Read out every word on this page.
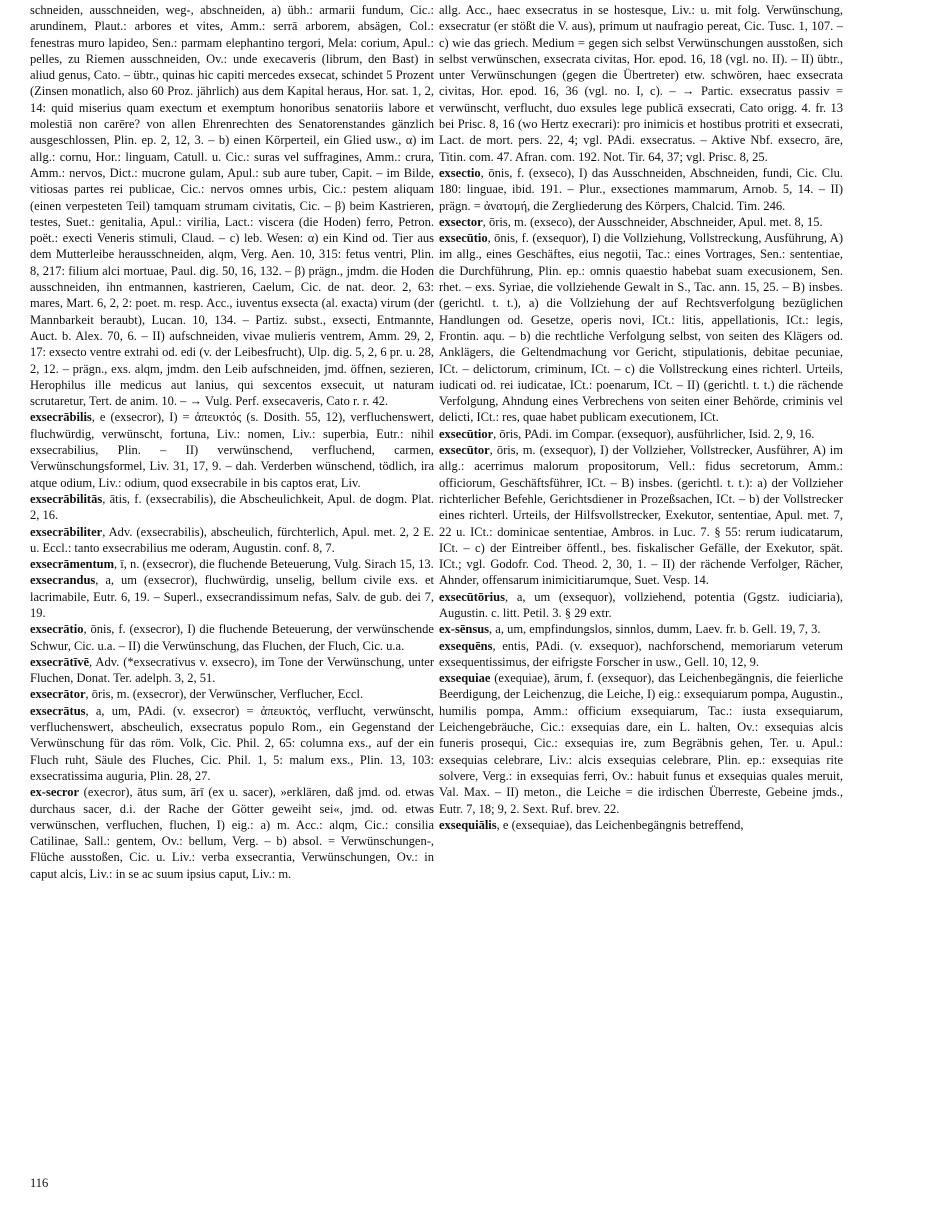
schneiden, ausschneiden, weg-, abschneiden, a) übh.: armarii fundum, Cic.: arundinem, Plaut.: arbores et vites, Amm.: serrā arborem, absägen, Col.: fenestras muro lapideo, Sen.: parmam elephantino tergori, Mela: corium, Apul.: pelles, zu Riemen ausschneiden, Ov.: unde execaveris (librum, den Bast) in aliud genus, Cato. – übtr., quinas hic capiti mercedes exsecat, schindet 5 Prozent (Zinsen monatlich, also 60 Proz. jährlich) aus dem Kapital heraus, Hor. sat. 1, 2, 14: quid miserius quam exectum et exemptum honoribus senatoriis labore et molestiā non carēre? von allen Ehrenrechten des Senatorenstandes gänzlich ausgeschlossen, Plin. ep. 2, 12, 3. – b) einen Körperteil, ein Glied usw., α) im allg.: cornu, Hor.: linguam, Catull. u. Cic.: suras vel suffragines, Amm.: crura, Amm.: nervos, Dict.: mucrone gulam, Apul.: sub aure tuber, Capit. – im Bilde, vitiosas partes rei publicae, Cic.: nervos omnes urbis, Cic.: pestem aliquam (einen verpesteten Teil) tamquam strumam civitatis, Cic. – β) beim Kastrieren, testes, Suet.: genitalia, Apul.: virilia, Lact.: viscera (die Hoden) ferro, Petron. poët.: execti Veneris stimuli, Claud. – c) leb. Wesen: α) ein Kind od. Tier aus dem Mutterleibe herausschneiden, alqm, Verg. Aen. 10, 315: fetus ventri, Plin. 8, 217: filium alci mortuae, Paul. dig. 50, 16, 132. – β) prägn., jmdm. die Hoden ausschneiden, ihn entmannen, kastrieren, Caelum, Cic. de nat. deor. 2, 63: mares, Mart. 6, 2, 2: poet. m. resp. Acc., iuventus exsecta (al. exacta) virum (der Mannbarkeit beraubt), Lucan. 10, 134. – Partiz. subst., exsecti, Entmannte, Auct. b. Alex. 70, 6. – II) aufschneiden, vivae mulieris ventrem, Amm. 29, 2, 17: exsecto ventre extrahi od. edi (v. der Leibesfrucht), Ulp. dig. 5, 2, 6 pr. u. 28, 2, 12. – prägn., exs. alqm, jmdm. den Leib aufschneiden, jmd. öffnen, sezieren, Herophilus ille medicus aut lanius, qui sexcentos exsecuit, ut naturam scrutaretur, Tert. de anim. 10. – → Vulg. Perf. exsecaveris, Cato r. r. 42.

exsecrābilis, e (exsecror), I) = ἀπευκτός (s. Dosith. 55, 12), verfluchenswert, fluchwürdig, verwünscht, fortuna, Liv.: nomen, Liv.: superbia, Eutr.: nihil exsecrabilius, Plin. – II) verwünschend, verfluchend, carmen, Verwünschungsformel, Liv. 31, 17, 9. – dah. Verderben wünschend, tödlich, ira atque odium, Liv.: odium, quod exsecrabile in bis captos erat, Liv.

exsecrābilitās, ātis, f. (exsecrabilis), die Abscheulichkeit, Apul. de dogm. Plat. 2, 16.

exsecrābiliter, Adv. (exsecrabilis), abscheulich, fürchterlich, Apul. met. 2, 2 E. u. Eccl.: tanto exsecrabilius me oderam, Augustin. conf. 8, 7.

exsecrāmentum, ī, n. (exsecror), die fluchende Beteuerung, Vulg. Sirach 15, 13.

exsecrandus, a, um (exsecror), fluchwürdig, unselig, bellum civile exs. et lacrimabile, Eutr. 6, 19. – Superl., exsecrandissimum nefas, Salv. de gub. dei 7, 19.

exsecrātio, ōnis, f. (exsecror), I) die fluchende Beteuerung, der verwünschende Schwur, Cic. u.a. – II) die Verwünschung, das Fluchen, der Fluch, Cic. u.a.

exsecrātīvē, Adv. (*exsecrativus v. exsecro), im Tone der Verwünschung, unter Fluchen, Donat. Ter. adelph. 3, 2, 51.

exsecrātor, ōris, m. (exsecror), der Verwünscher, Verflucher, Eccl.

exsecrātus, a, um, PAdi. (v. exsecror) = ἀπευκτός, verflucht, verwünscht, verfluchenswert, abscheulich, exsecratus populo Rom., ein Gegenstand der Verwünschung für das röm. Volk, Cic. Phil. 2, 65: columna exs., auf der ein Fluch ruht, Säule des Fluches, Cic. Phil. 1, 5: malum exs., Plin. 13, 103: exsecratissima auguria, Plin. 28, 27.

ex-secror (execror), ātus sum, ārī (ex u. sacer), »erklären, daß jmd. od. etwas durchaus sacer, d.i. der Rache der Götter geweiht sei«, jmd. od. etwas verwünschen, verfluchen, fluchen, I) eig.: a) m. Acc.: alqm, Cic.: consilia Catilinae, Sall.: gentem, Ov.: bellum, Verg. – b) absol. = Verwünschungen-, Flüche ausstoßen, Cic. u. Liv.: verba exsecrantia, Verwünschungen, Ov.: in caput alcis, Liv.: in se ac suum ipsius caput, Liv.: m.

allg. Acc., haec exsecratus in se hostesque, Liv.: u. mit folg. Verwünschung, exsecratur (er stößt die V. aus), primum ut naufragio pereat, Cic. Tusc. 1, 107. – c) wie das griech. Medium = gegen sich selbst Verwünschungen ausstoßen, sich selbst verwünschen, exsecrata civitas, Hor. epod. 16, 18 (vgl. no. II). – II) übtr., unter Verwünschungen (gegen die Übertreter) etw. schwören, haec exsecrata civitas, Hor. epod. 16, 36 (vgl. no. I, c). – → Partic. exsecratus passiv = verwünscht, verflucht, duo exsules lege publicā exsecrati, Cato origg. 4. fr. 13 bei Prisc. 8, 16 (wo Hertz execrari): pro inimicis et hostibus protriti et exsecrati, Lact. de mort. pers. 22, 4; vgl. PAdi. exsecratus. – Aktive Nbf. exsecro, āre, Titin. com. 47. Afran. com. 192. Not. Tir. 64, 37; vgl. Prisc. 8, 25.

exsectio, ōnis, f. (exseco), I) das Ausschneiden, Abschneiden, fundi, Cic. Clu. 180: linguae, ibid. 191. – Plur., exsectiones mammarum, Arnob. 5, 14. – II) prägn. = ἀνατομή, die Zergliederung des Körpers, Chalcid. Tim. 246.

exsector, ōris, m. (exseco), der Ausschneider, Abschneider, Apul. met. 8, 15.

exsecūtio, ōnis, f. (exsequor), I) die Vollziehung, Vollstreckung, Ausführung, A) im allg., eines Geschäftes, eius negotii, Tac.: eines Vortrages, Sen.: sententiae, die Durchführung, Plin. ep.: omnis quaestio habebat suam execusionem, Sen. rhet. – exs. Syriae, die vollziehende Gewalt in S., Tac. ann. 15, 25. – B) insbes. (gerichtl. t. t.), a) die Vollziehung der auf Rechtsverfolgung bezüglichen Handlungen od. Gesetze, operis novi, ICt.: litis, appellationis, ICt.: legis, Frontin. aqu. – b) die rechtliche Verfolgung selbst, von seiten des Klägers od. Anklägers, die Geltendmachung vor Gericht, stipulationis, debitae pecuniae, ICt. – delictorum, criminum, ICt. – c) die Vollstreckung eines richterl. Urteils, iudicati od. rei iudicatae, ICt.: poenarum, ICt. – II) (gerichtl. t. t.) die rächende Verfolgung, Ahndung eines Verbrechens von seiten einer Behörde, criminis vel delicti, ICt.: res, quae habet publicam executionem, ICt.

exsecūtior, ōris, PAdi. im Compar. (exsequor), ausführlicher, Isid. 2, 9, 16.

exsecūtor, ōris, m. (exsequor), I) der Vollzieher, Vollstrecker, Ausführer, A) im allg.: acerrimus malorum propositorum, Vell.: fidus secretorum, Amm.: officiorum, Geschäftsführer, ICt. – B) insbes. (gerichtl. t. t.): a) der Vollzieher richterlicher Befehle, Gerichtsdiener in Prozeßsachen, ICt. – b) der Vollstrecker eines richterl. Urteils, der Hilfsvollstrecker, Exekutor, sententiae, Apul. met. 7, 22 u. ICt.: dominicae sententiae, Ambros. in Luc. 7. § 55: rerum iudicatarum, ICt. – c) der Eintreiber öffentl., bes. fiskalischer Gefälle, der Exekutor, spät. ICt.; vgl. Godofr. Cod. Theod. 2, 30, 1. – II) der rächende Verfolger, Rächer, Ahnder, offensarum inimicitiarumque, Suet. Vesp. 14.

exsecūtōrius, a, um (exsequor), vollziehend, potentia (Ggstz. iudiciaria), Augustin. c. litt. Petil. 3. § 29 extr.

ex-sēnsus, a, um, empfindungslos, sinnlos, dumm, Laev. fr. b. Gell. 19, 7, 3.

exsequēns, entis, PAdi. (v. exsequor), nachforschend, memoriarum veterum exsequentissimus, der eifrigste Forscher in usw., Gell. 10, 12, 9.

exsequiae (exequiae), ārum, f. (exsequor), das Leichenbegängnis, die feierliche Beerdigung, der Leichenzug, die Leiche, I) eig.: exsequiarum pompa, Augustin., humilis pompa, Amm.: officium exsequiarum, Tac.: iusta exsequiarum, Leichengebräuche, Cic.: exsequias dare, ein L. halten, Ov.: exsequias alcis funeris prosequi, Cic.: exsequias ire, zum Begräbnis gehen, Ter. u. Apul.: exsequias celebrare, Liv.: alcis exsequias celebrare, Plin. ep.: exsequias rite solvere, Verg.: in exsequias ferri, Ov.: habuit funus et exsequias quales meruit, Val. Max. – II) meton., die Leiche = die irdischen Überreste, Gebeine jmds., Eutr. 7, 18; 9, 2. Sext. Ruf. brev. 22.

exsequiālis, e (exsequiae), das Leichenbegängnis betreffend,

116
